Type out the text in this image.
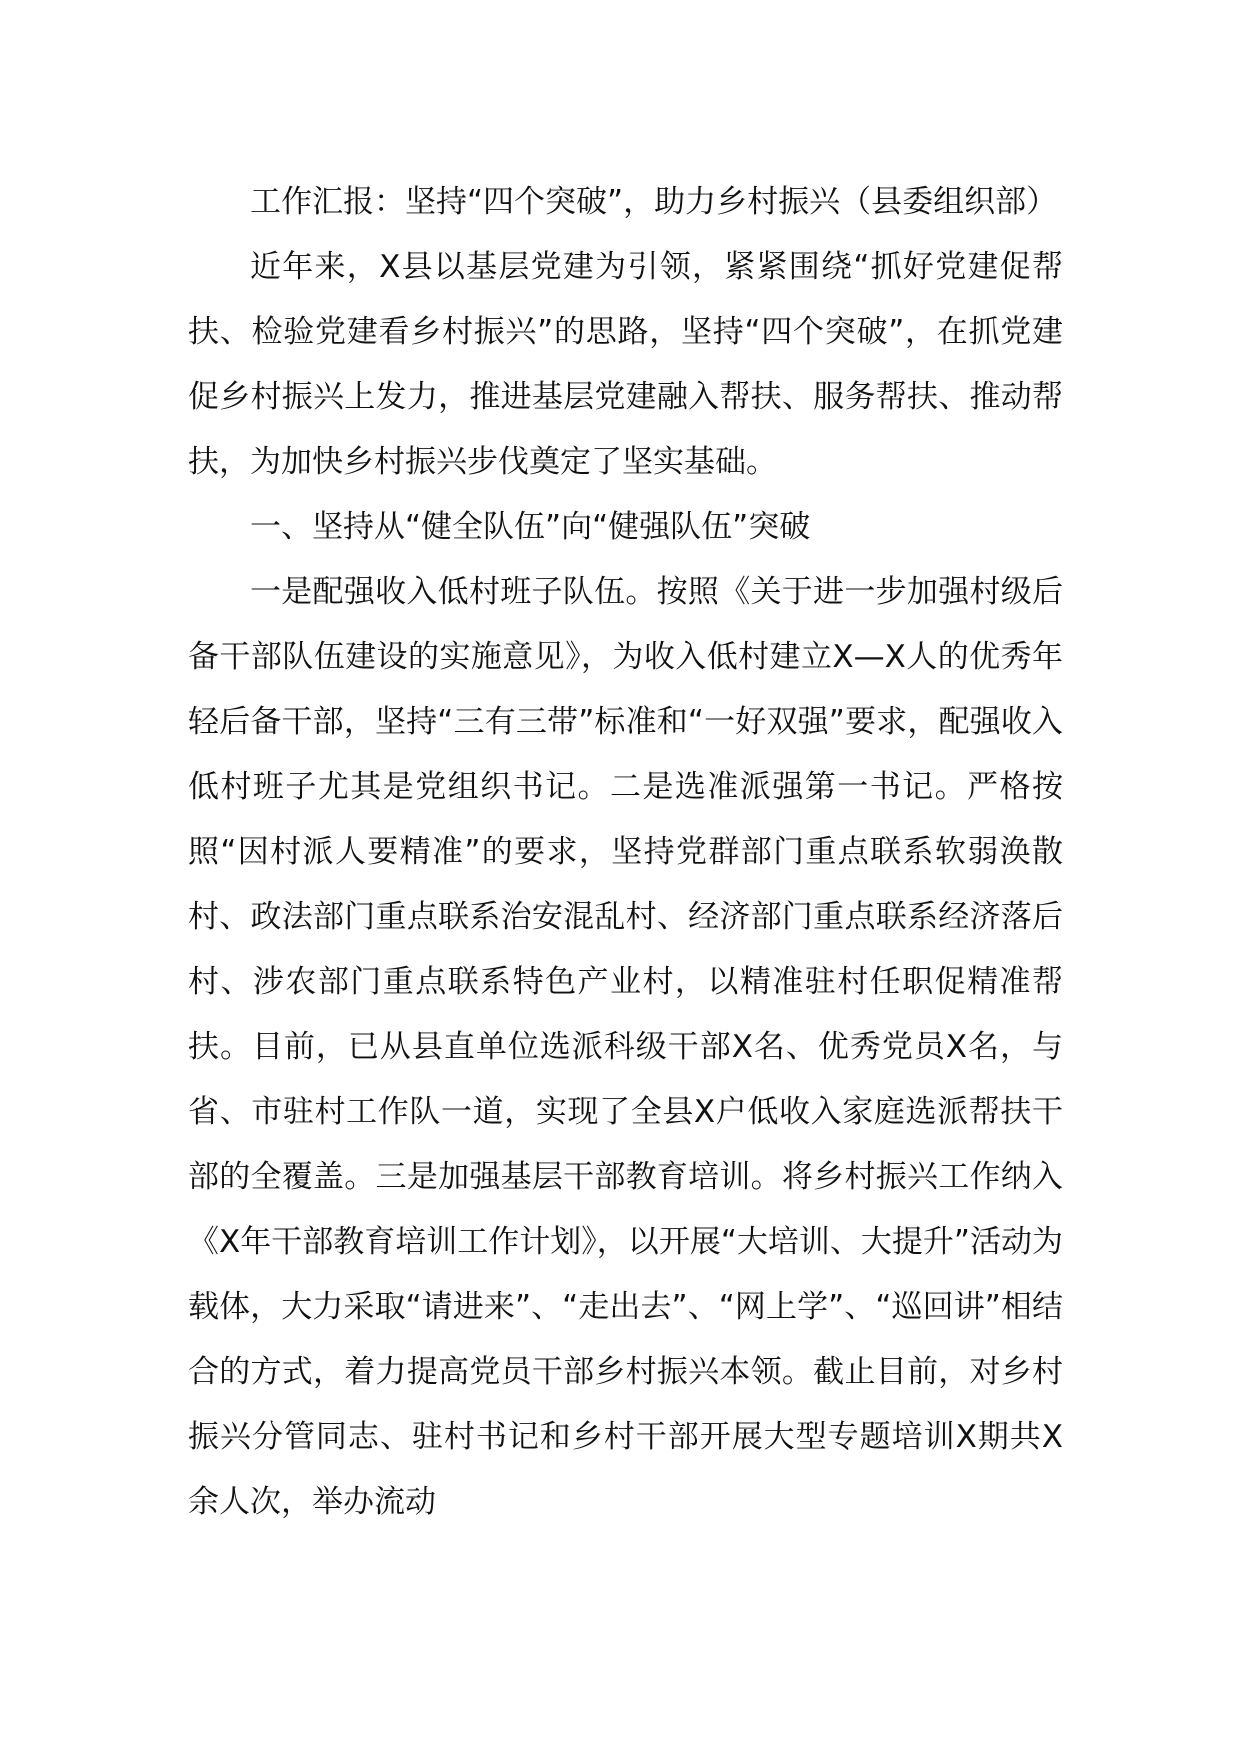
工作汇报：坚持“四个突破”，助力乡村振兴（县委组织部）

近年来，X县以基层党建为引领，紧紧围绕“抓好党建促帮扶、检验党建看乡村振兴”的思路，坚持“四个突破”，在抓党建促乡村振兴上发力，推进基层党建融入帮扶、服务帮扶、推动帮扶，为加快乡村振兴步伐奠定了坚实基础。

一、坚持从“健全队伍”向“健强队伍”突破

一是配强收入低村班子队伍。按照《关于进一步加强村级后备干部队伍建设的实施意见》，为收入低村建立X—X人的优秀年轻后备干部，坚持“三有三带”标准和“一好双强”要求，配强收入低村班子尤其是党组织书记。二是选准派强第一书记。严格按照“因村派人要精准”的要求，坚持党群部门重点联系软弱涣散村、政法部门重点联系治安混乱村、经济部门重点联系经济落后村、涉农部门重点联系特色产业村，以精准驻村任职促精准帮扶。目前，已从县直单位选派科级干部X名、优秀党员X名，与省、市驻村工作队一道，实现了全县X户低收入家庭选派帮扶干部的全覆盖。三是加强基层干部教育培训。将乡村振兴工作纳入《X年干部教育培训工作计划》，以开展“大培训、大提升”活动为载体，大力采取“请进来”、“走出去”、“网上学”、“巡回讲”相结合的方式，着力提高党员干部乡村振兴本领。截止目前，对乡村振兴分管同志、驻村书记和乡村干部开展大型专题培训X期共X余人次，举办流动
